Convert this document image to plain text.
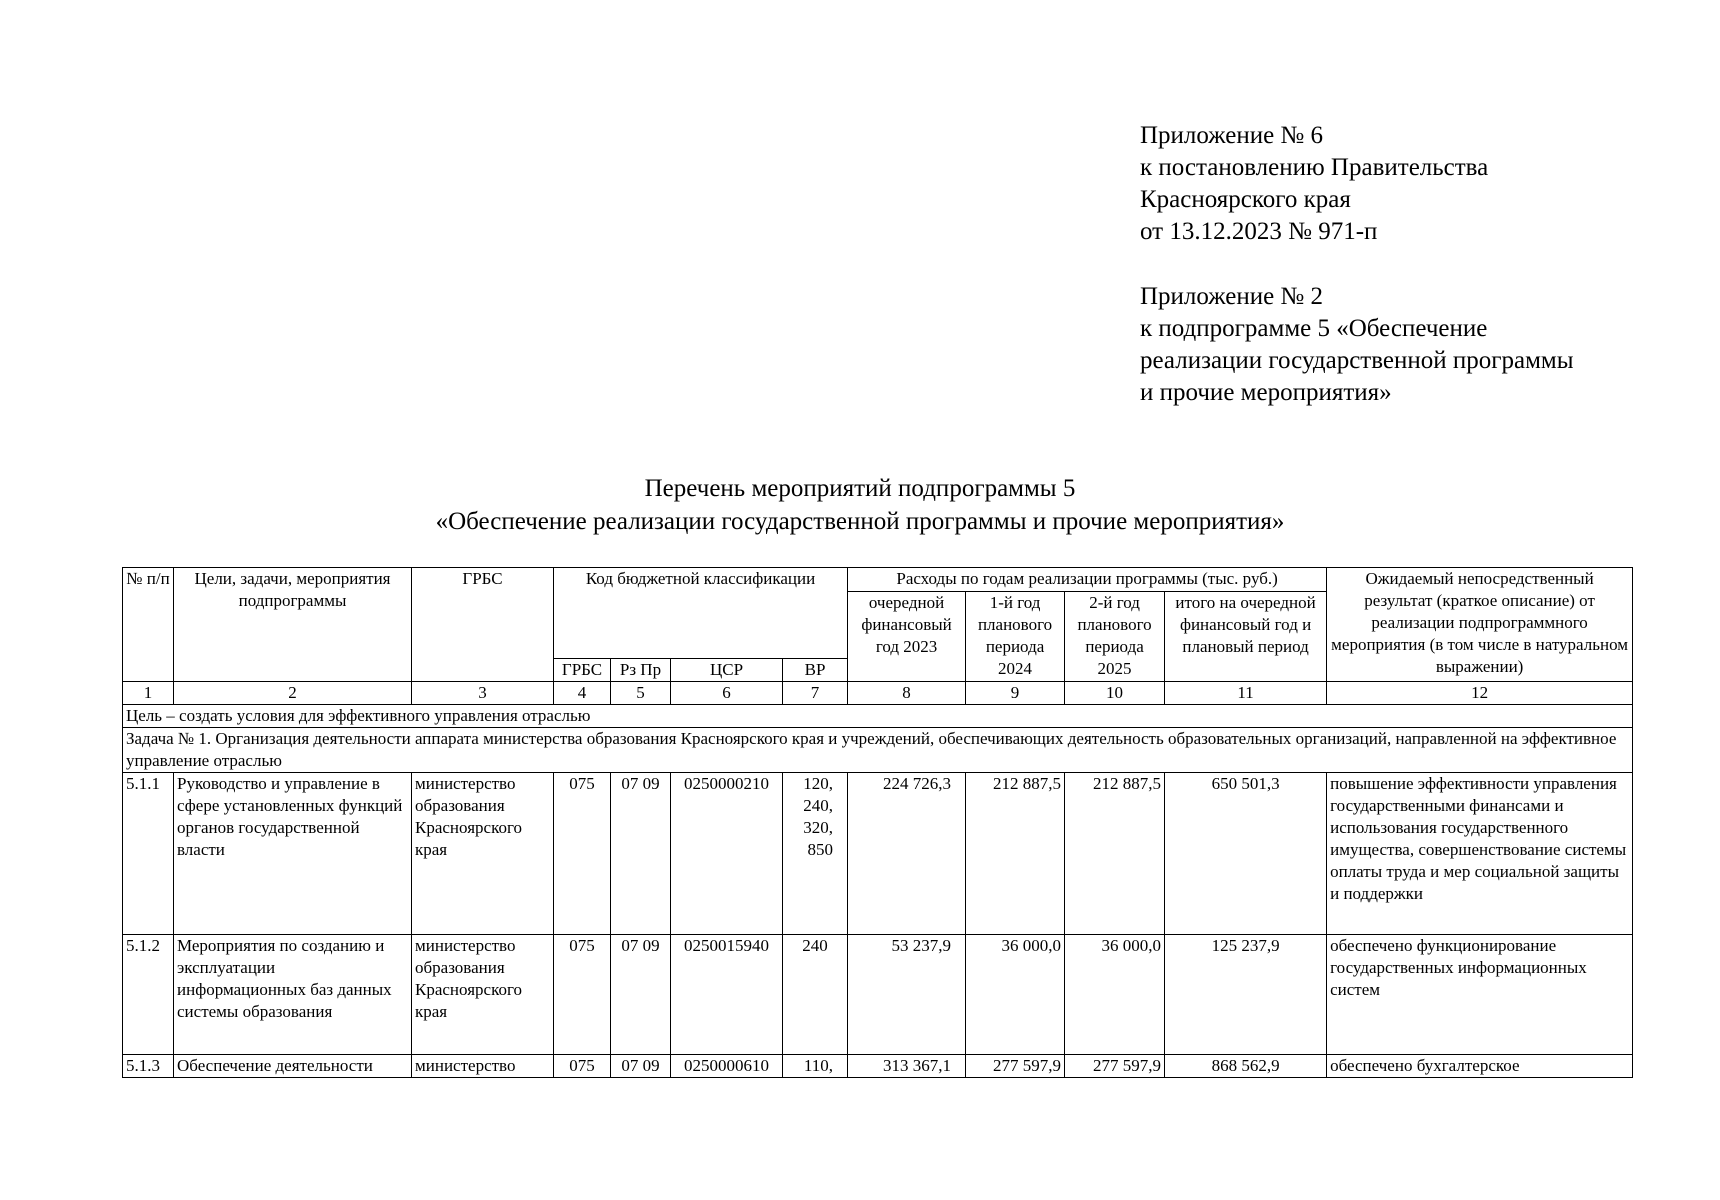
Приложение № 6
к постановлению Правительства
Красноярского края
от 13.12.2023 № 971-п
Приложение № 2
к подпрограмме 5 «Обеспечение
реализации государственной программы
и прочие мероприятия»
Перечень мероприятий подпрограммы 5
«Обеспечение реализации государственной программы и прочие мероприятия»
№ п/п	Цели, задачи, мероприятия подпрограммы	ГРБС	Код бюджетной классификации				Расходы по годам реализации программы (тыс. руб.)				Ожидаемый непосредственный результат (краткое описание) от реализации подпрограммного мероприятия (в том числе в натуральном выражении)
							очередной финансовый год 2023	1-й год планового периода 2024	2-й год планового периода 2025	итого на очередной финансовый год и плановый период	
			ГРБС	Рз Пр	ЦСР	ВР					
1	2	3	4	5	6	7	8	9	10	11	12
Цель – создать условия для эффективного управления отраслью											
Задача № 1. Организация деятельности аппарата министерства образования Красноярского края и учреждений, обеспечивающих деятельность образовательных организаций, направленной на эффективное управление отраслью											
5.1.1	Руководство и управление в сфере установленных функций органов государственной власти	министерство образования Красноярского края	075	07 09	0250000210	120, 240, 320, 850	224 726,3	212 887,5	212 887,5	650 501,3	повышение эффективности управления государственными финансами и использования государственного имущества, совершенствование системы оплаты труда и мер социальной защиты и поддержки
5.1.2	Мероприятия по созданию и эксплуатации информационных баз данных системы образования	министерство образования Красноярского края	075	07 09	0250015940	240	53 237,9	36 000,0	36 000,0	125 237,9	обеспечено функционирование государственных информационных систем
5.1.3	Обеспечение деятельности	министерство	075	07 09	0250000610	110,	313 367,1	277 597,9	277 597,9	868 562,9	обеспечено бухгалтерское
